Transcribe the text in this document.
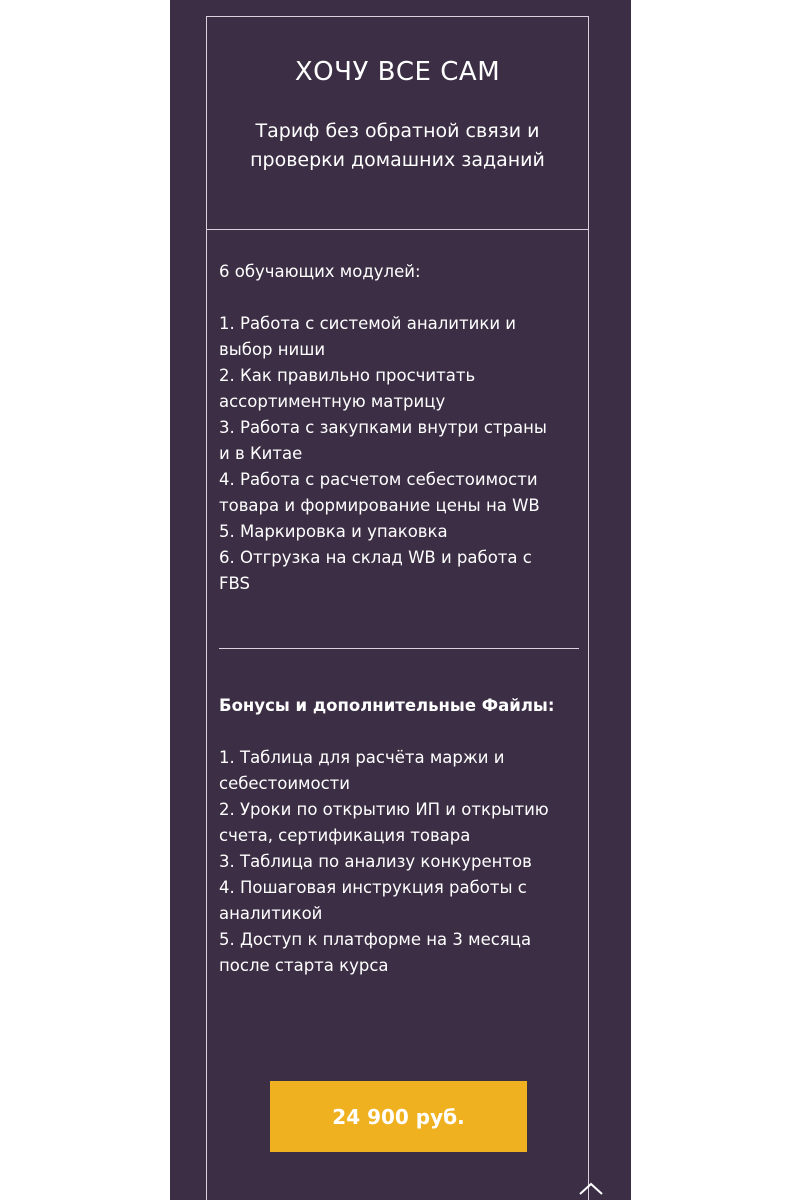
ХОЧУ ВСЕ САМ
Тариф без обратной связи и
проверки домашних заданий

6 обучающих модулей:

1. Работа с системой аналитики и

выбор ниши

2. Как правильно просчитать

ассортиментную матрицу

3. Работа с закупками внутри страны

и в Китае

4. Работа с расчетом себестоимости

товара и формирование цены на WB

5. Маркировка и упаковка

6. Отгрузка на склад WB и работа с

FBS

Бонусы и дополнительные Файлы:

1. Таблица для расчёта маржи и

себестоимости

2. Уроки по открытию ИП и открытию

счета, сертификация товара

3. Таблица по анализу конкурентов

4. Пошаговая инструкция работы с

аналитикой

5. Доступ к платформе на 3 месяца

после старта курса

24 900 руб.
